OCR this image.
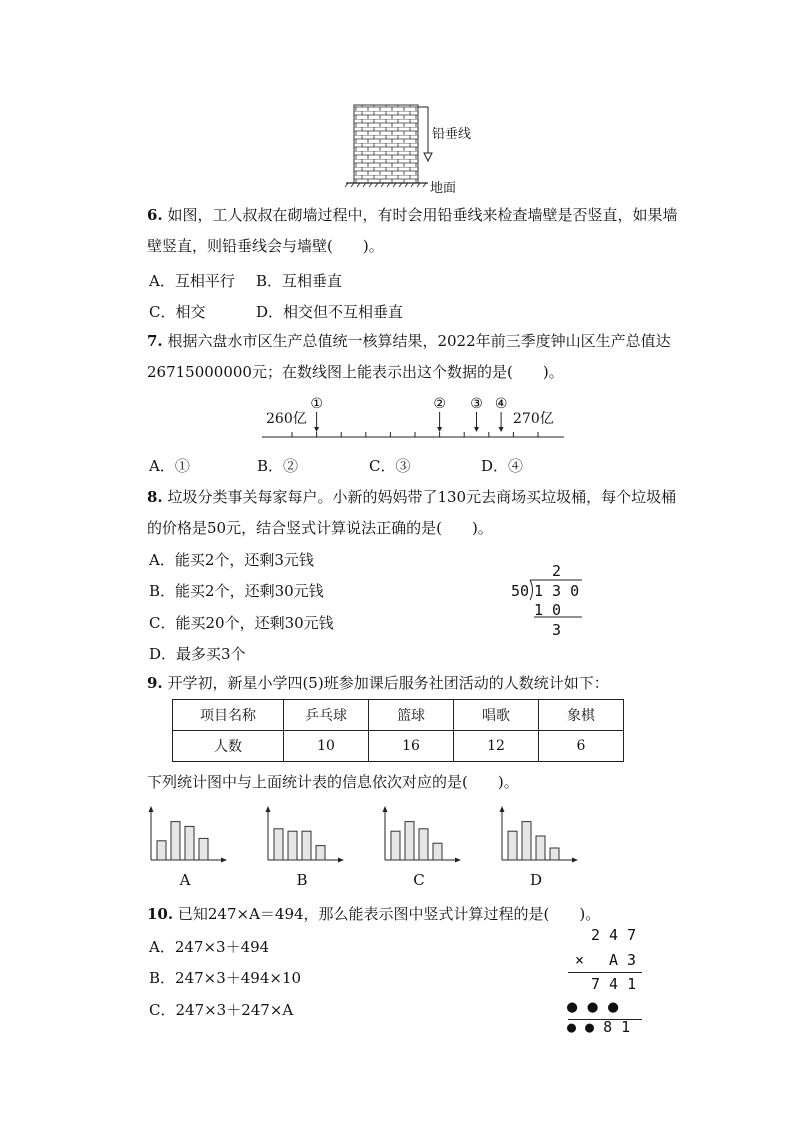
铅垂线
地面
6. 如图，工人叔叔在砌墙过程中，有时会用铅垂线来检查墙壁是否竖直，如果墙壁竖直，则铅垂线会与墙壁(　　)。
A．互相平行 B．互相垂直
C．相交	D．相交但不互相垂直
7. 根据六盘水市区生产总值统一核算结果，2022年前三季度钟山区生产总值达26715000000元；在数线图上能表示出这个数据的是(　　)。
①	② ③ ④
260亿	270亿
A．①	B．②	C．③	D．④
8. 垃圾分类事关每家每户。小新的妈妈带了130元去商场买垃圾桶，每个垃圾桶的价格是50元，结合竖式计算说法正确的是(　　)。
A．能买2个，还剩3元钱
B．能买2个，还剩30元钱
C．能买20个，还剩30元钱
D．最多买3个
2
50 1 3 0
1 0
3
9. 开学初，新星小学四(5)班参加课后服务社团活动的人数统计如下：
项目名称	乒乓球	篮球	唱歌	象棋
人数	10	16	12	6
下列统计图中与上面统计表的信息依次对应的是(　　)。
A	B	C	D
10. 已知247×A＝494，那么能表示图中竖式计算过程的是(　　)。
A．247×3＋494
B．247×3＋494×10
C．247×3＋247×A
2 4 7
× A 3
7 4 1
● ● ●
● ● 8 1
